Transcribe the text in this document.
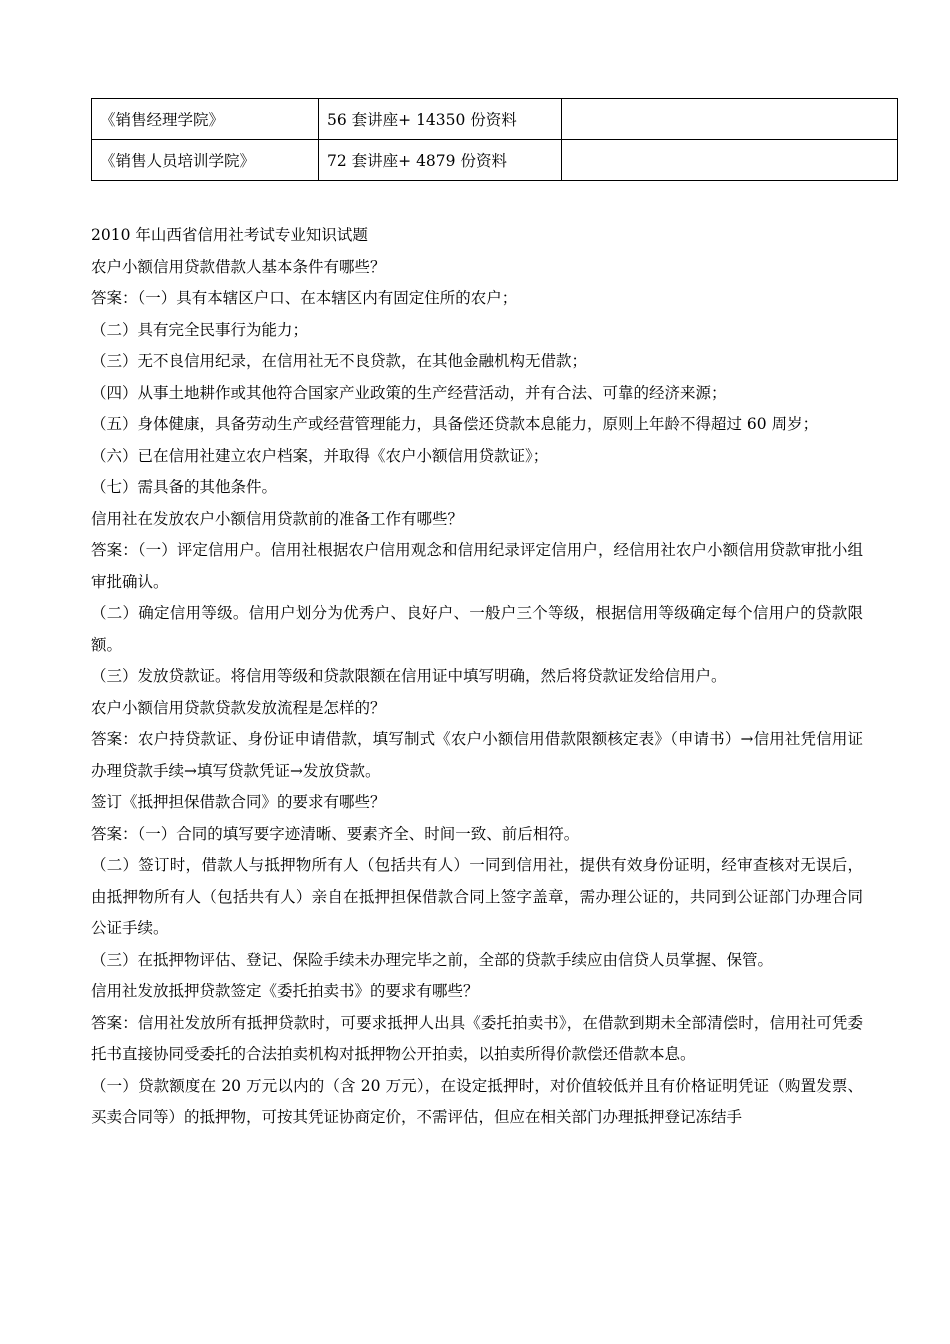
《销售经理学院》	56 套讲座+ 14350 份资料	
《销售人员培训学院》	72 套讲座+ 4879 份资料	

2010 年山西省信用社考试专业知识试题

农户小额信用贷款借款人基本条件有哪些？

答案：（一）具有本辖区户口、在本辖区内有固定住所的农户；

（二）具有完全民事行为能力；

（三）无不良信用纪录，在信用社无不良贷款，在其他金融机构无借款；

（四）从事土地耕作或其他符合国家产业政策的生产经营活动，并有合法、可靠的经济来源；

（五）身体健康，具备劳动生产或经营管理能力，具备偿还贷款本息能力，原则上年龄不得超过 60 周岁；

（六）已在信用社建立农户档案，并取得《农户小额信用贷款证》；

（七）需具备的其他条件。

信用社在发放农户小额信用贷款前的准备工作有哪些？

答案：（一）评定信用户。信用社根据农户信用观念和信用纪录评定信用户，经信用社农户小额信用贷款审批小组审批确认。

（二）确定信用等级。信用户划分为优秀户、良好户、一般户三个等级，根据信用等级确定每个信用户的贷款限额。

（三）发放贷款证。将信用等级和贷款限额在信用证中填写明确，然后将贷款证发给信用户。

农户小额信用贷款贷款发放流程是怎样的？

答案：农户持贷款证、身份证申请借款，填写制式《农户小额信用借款限额核定表》（申请书）→信用社凭信用证办理贷款手续→填写贷款凭证→发放贷款。

签订《抵押担保借款合同》的要求有哪些？

答案：（一）合同的填写要字迹清晰、要素齐全、时间一致、前后相符。

（二）签订时，借款人与抵押物所有人（包括共有人）一同到信用社，提供有效身份证明，经审查核对无误后，由抵押物所有人（包括共有人）亲自在抵押担保借款合同上签字盖章，需办理公证的，共同到公证部门办理合同公证手续。

（三）在抵押物评估、登记、保险手续未办理完毕之前，全部的贷款手续应由信贷人员掌握、保管。

信用社发放抵押贷款签定《委托拍卖书》的要求有哪些？

答案：信用社发放所有抵押贷款时，可要求抵押人出具《委托拍卖书》，在借款到期未全部清偿时，信用社可凭委托书直接协同受委托的合法拍卖机构对抵押物公开拍卖，以拍卖所得价款偿还借款本息。

（一）贷款额度在 20 万元以内的（含 20 万元），在设定抵押时，对价值较低并且有价格证明凭证（购置发票、买卖合同等）的抵押物，可按其凭证协商定价，不需评估，但应在相关部门办理抵押登记冻结手
